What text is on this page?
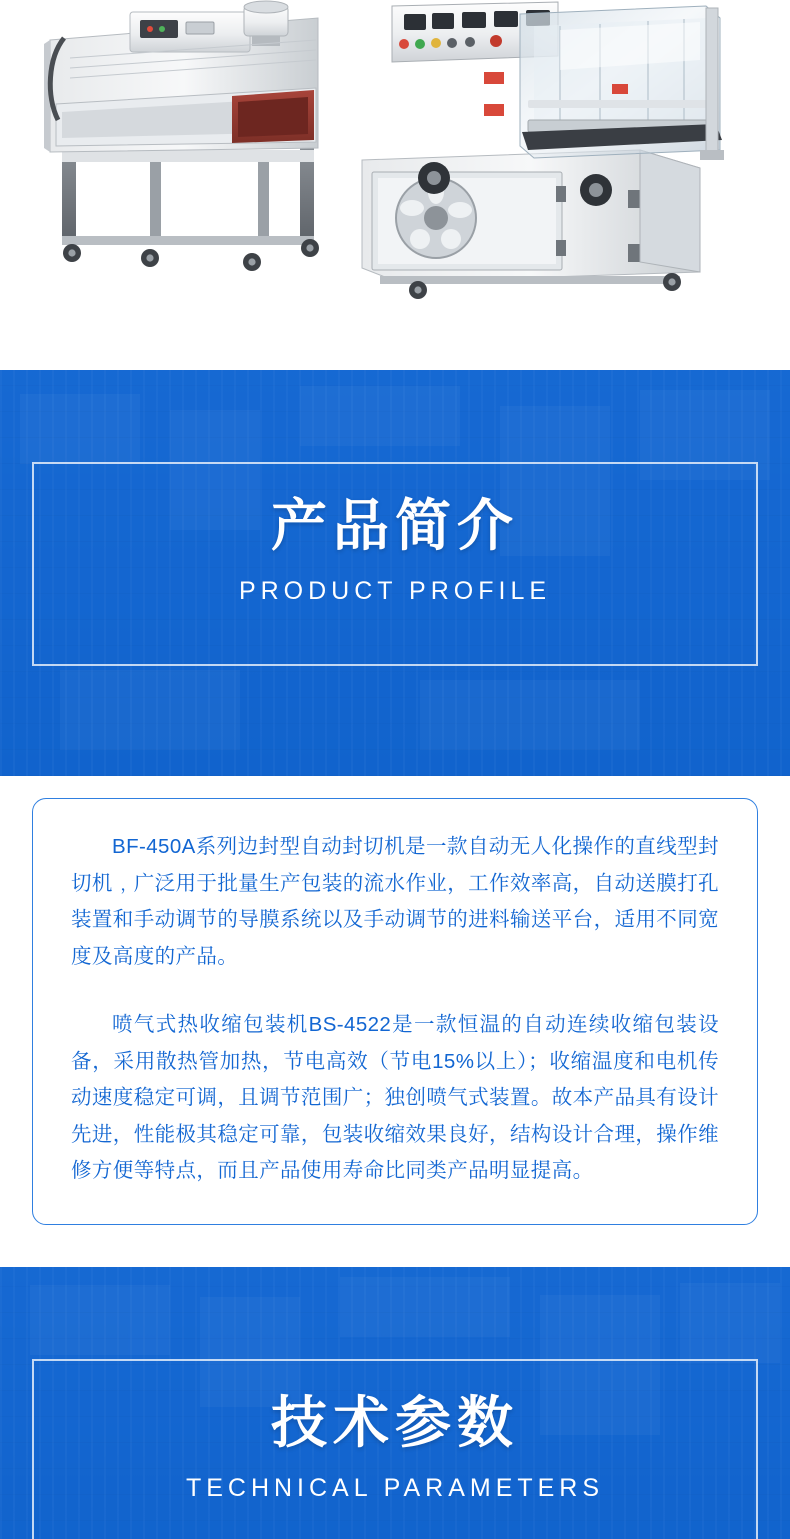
产品简介
PRODUCT PROFILE

BF-450A系列边封型自动封切机是一款自动无人化操作的直线型封切机﹐广泛用于批量生产包装的流水作业，工作效率高，自动送膜打孔装置和手动调节的导膜系统以及手动调节的进料输送平台，适用不同宽度及高度的产品。

喷气式热收缩包装机BS-4522是一款恒温的自动连续收缩包装设备，采用散热管加热，节电高效（节电15%以上）；收缩温度和电机传动速度稳定可调，且调节范围广；独创喷气式装置。故本产品具有设计先进，性能极其稳定可靠，包装收缩效果良好，结构设计合理，操作维修方便等特点，而且产品使用寿命比同类产品明显提高。

技术参数
TECHNICAL PARAMETERS
